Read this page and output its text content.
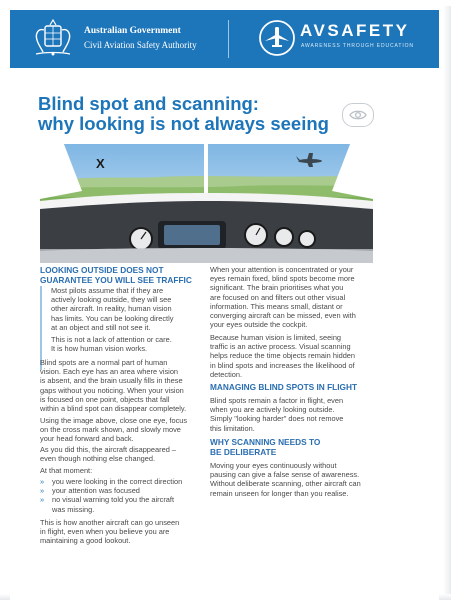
Australian Government
Civil Aviation Safety Authority
AVSAFETY
AWARENESS THROUGH EDUCATION
Blind spot and scanning:
why looking is not always seeing
X
LOOKING OUTSIDE DOES NOT
GUARANTEE YOU WILL SEE TRAFFIC
Most pilots assume that if they are
actively looking outside, they will see
other aircraft. In reality, human vision
has limits. You can be looking directly
at an object and still not see it.
This is not a lack of attention or care.
It is how human vision works.
Blind spots are a normal part of human
vision. Each eye has an area where vision
is absent, and the brain usually fills in these
gaps without you noticing. When your vision
is focused on one point, objects that fall
within a blind spot can disappear completely.
Using the image above, close one eye, focus
on the cross mark shown, and slowly move
your head forward and back.
As you did this, the aircraft disappeared –
even though nothing else changed.
At that moment:
» you were looking in the correct direction
» your attention was focused
» no visual warning told you the aircraft
was missing.
This is how another aircraft can go unseen
in flight, even when you believe you are
maintaining a good lookout.
When your attention is concentrated or your
eyes remain fixed, blind spots become more
significant. The brain prioritises what you
are focused on and filters out other visual
information. This means small, distant or
converging aircraft can be missed, even with
your eyes outside the cockpit.
Because human vision is limited, seeing
traffic is an active process. Visual scanning
helps reduce the time objects remain hidden
in blind spots and increases the likelihood of
detection.
MANAGING BLIND SPOTS IN FLIGHT
Blind spots remain a factor in flight, even
when you are actively looking outside.
Simply "looking harder" does not remove
this limitation.
WHY SCANNING NEEDS TO
BE DELIBERATE
Moving your eyes continuously without
pausing can give a false sense of awareness.
Without deliberate scanning, other aircraft can
remain unseen for longer than you realise.
